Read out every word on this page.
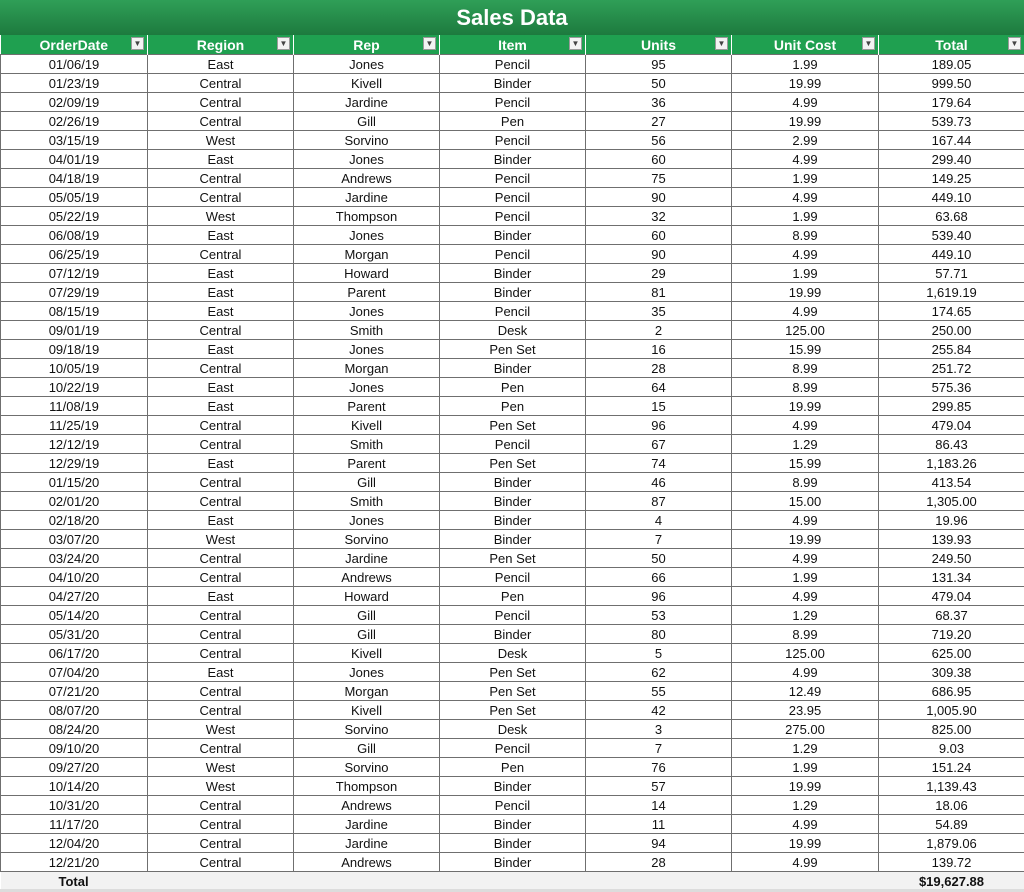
Sales Data
OrderDate ▼	Region ▼	Rep ▼	Item ▼	Units ▼	Unit Cost ▼	Total ▼

01/06/19	East	Jones	Pencil	95	1.99	189.05
01/23/19	Central	Kivell	Binder	50	19.99	999.50
02/09/19	Central	Jardine	Pencil	36	4.99	179.64
02/26/19	Central	Gill	Pen	27	19.99	539.73
03/15/19	West	Sorvino	Pencil	56	2.99	167.44
04/01/19	East	Jones	Binder	60	4.99	299.40
04/18/19	Central	Andrews	Pencil	75	1.99	149.25
05/05/19	Central	Jardine	Pencil	90	4.99	449.10
05/22/19	West	Thompson	Pencil	32	1.99	63.68
06/08/19	East	Jones	Binder	60	8.99	539.40
06/25/19	Central	Morgan	Pencil	90	4.99	449.10
07/12/19	East	Howard	Binder	29	1.99	57.71
07/29/19	East	Parent	Binder	81	19.99	1,619.19
08/15/19	East	Jones	Pencil	35	4.99	174.65
09/01/19	Central	Smith	Desk	2	125.00	250.00
09/18/19	East	Jones	Pen Set	16	15.99	255.84
10/05/19	Central	Morgan	Binder	28	8.99	251.72
10/22/19	East	Jones	Pen	64	8.99	575.36
11/08/19	East	Parent	Pen	15	19.99	299.85
11/25/19	Central	Kivell	Pen Set	96	4.99	479.04
12/12/19	Central	Smith	Pencil	67	1.29	86.43
12/29/19	East	Parent	Pen Set	74	15.99	1,183.26
01/15/20	Central	Gill	Binder	46	8.99	413.54
02/01/20	Central	Smith	Binder	87	15.00	1,305.00
02/18/20	East	Jones	Binder	4	4.99	19.96
03/07/20	West	Sorvino	Binder	7	19.99	139.93
03/24/20	Central	Jardine	Pen Set	50	4.99	249.50
04/10/20	Central	Andrews	Pencil	66	1.99	131.34
04/27/20	East	Howard	Pen	96	4.99	479.04
05/14/20	Central	Gill	Pencil	53	1.29	68.37
05/31/20	Central	Gill	Binder	80	8.99	719.20
06/17/20	Central	Kivell	Desk	5	125.00	625.00
07/04/20	East	Jones	Pen Set	62	4.99	309.38
07/21/20	Central	Morgan	Pen Set	55	12.49	686.95
08/07/20	Central	Kivell	Pen Set	42	23.95	1,005.90
08/24/20	West	Sorvino	Desk	3	275.00	825.00
09/10/20	Central	Gill	Pencil	7	1.29	9.03
09/27/20	West	Sorvino	Pen	76	1.99	151.24
10/14/20	West	Thompson	Binder	57	19.99	1,139.43
10/31/20	Central	Andrews	Pencil	14	1.29	18.06
11/17/20	Central	Jardine	Binder	11	4.99	54.89
12/04/20	Central	Jardine	Binder	94	19.99	1,879.06
12/21/20	Central	Andrews	Binder	28	4.99	139.72
Total						$19,627.88
